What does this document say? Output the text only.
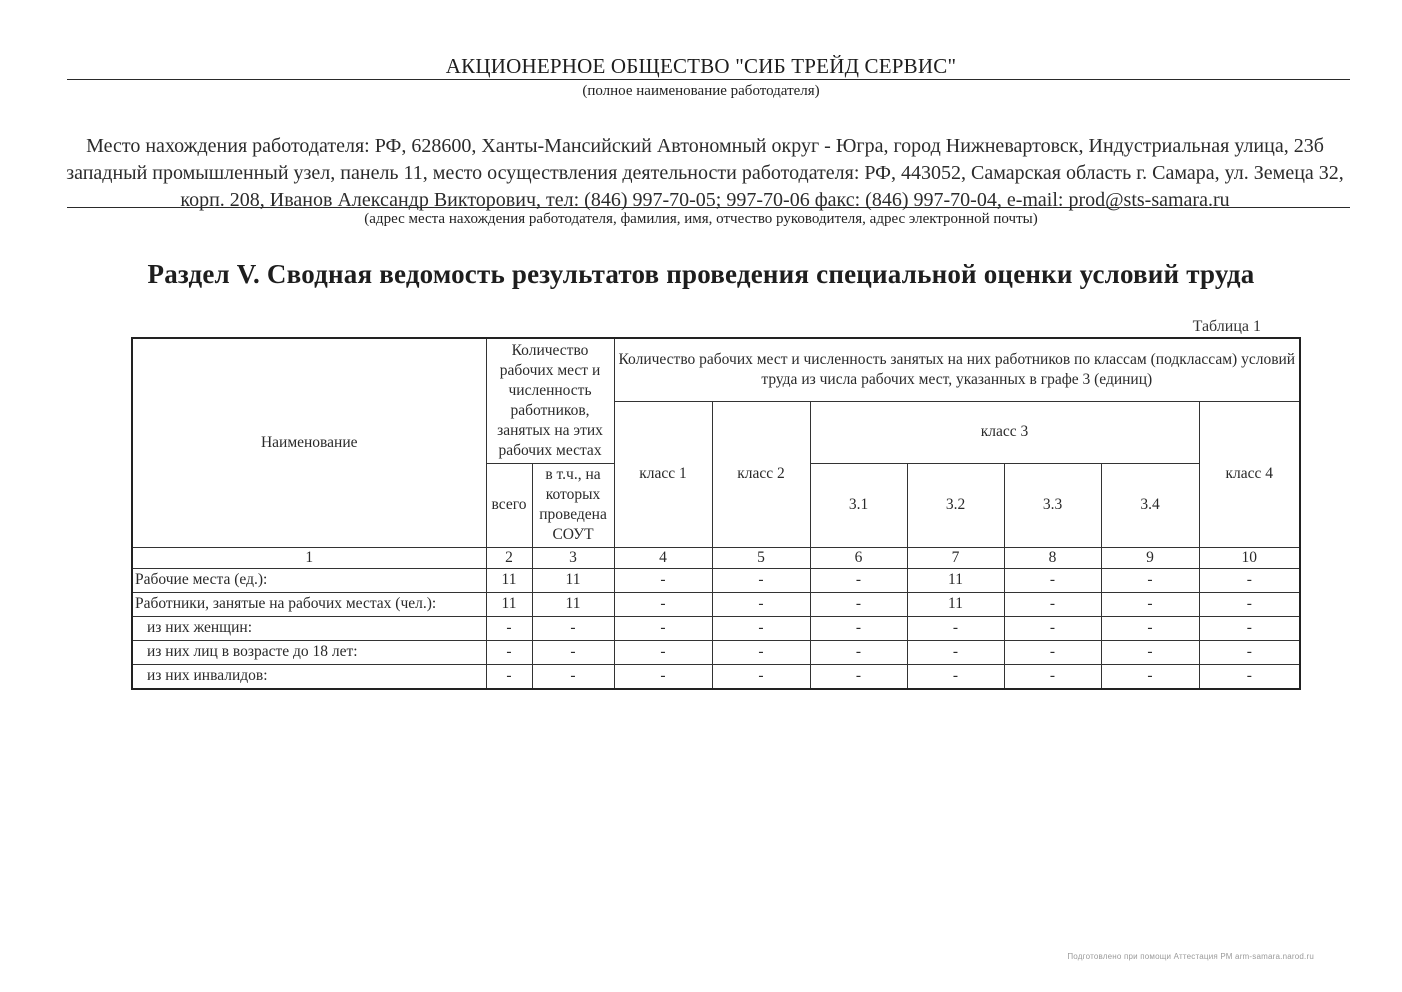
АКЦИОНЕРНОЕ ОБЩЕСТВО "СИБ ТРЕЙД СЕРВИС"
(полное наименование работодателя)
Место нахождения работодателя: РФ, 628600, Ханты-Мансийский Автономный округ - Югра, город Нижневартовск, Индустриальная улица, 23б
западный промышленный узел, панель 11, место осуществления деятельности работодателя: РФ, 443052, Самарская область г. Самара, ул. Земеца 32,
корп. 208, Иванов Александр Викторович, тел: (846) 997-70-05; 997-70-06 факс: (846) 997-70-04, e-mail: prod@sts-samara.ru
(адрес места нахождения работодателя, фамилия, имя, отчество руководителя, адрес электронной почты)
Раздел V. Сводная ведомость результатов проведения специальной оценки условий труда
Таблица 1
Наименование	Количество рабочих мест и численность работников, занятых на этих рабочих местах		Количество рабочих мест и численность занятых на них работников по классам (подклассам) условий труда из числа рабочих мест, указанных в графе 3 (единиц)						
			класс 1	класс 2	класс 3				класс 4
	всего	в т.ч., на которых проведена СОУТ			3.1	3.2	3.3	3.4	
1	2	3	4	5	6	7	8	9	10
Рабочие места (ед.):	11	11	-	-	-	11	-	-	-
Работники, занятые на рабочих местах (чел.):	11	11	-	-	-	11	-	-	-
из них женщин:	-	-	-	-	-	-	-	-	-
из них лиц в возрасте до 18 лет:	-	-	-	-	-	-	-	-	-
из них инвалидов:	-	-	-	-	-	-	-	-	-
Подготовлено при помощи Аттестация РМ arm-samara.narod.ru
